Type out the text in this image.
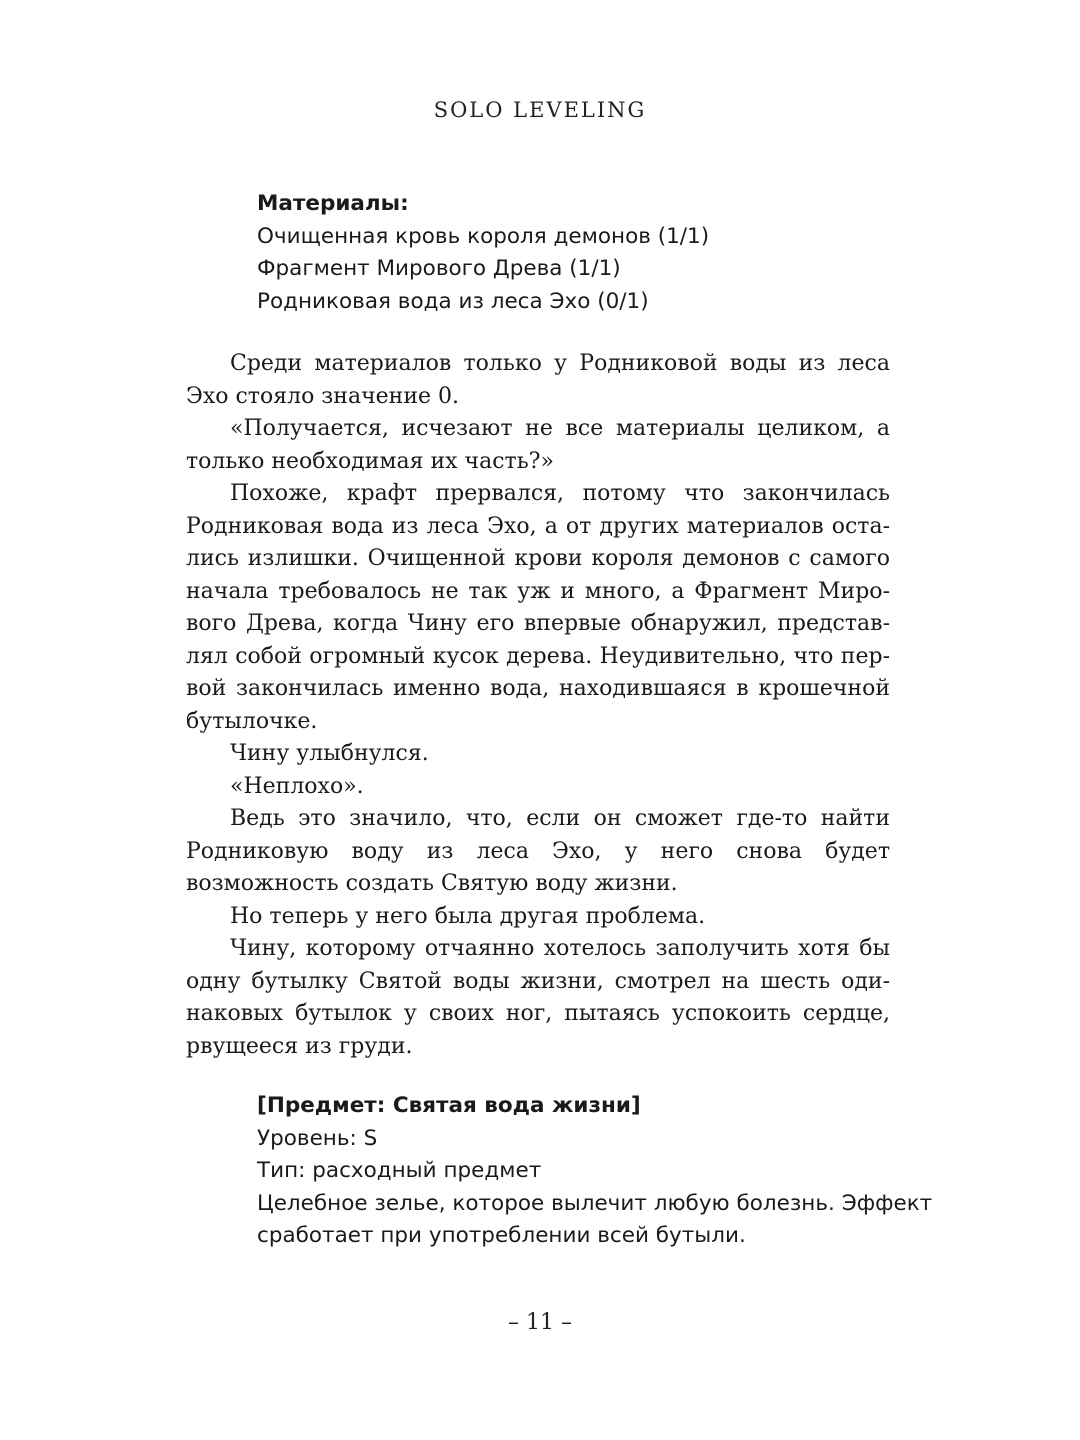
SOLO LEVELING
Материалы:
Очищенная кровь короля демонов (1/1)
Фрагмент Мирового Древа (1/1)
Родниковая вода из леса Эхо (0/1)

Среди материалов только у Родниковой воды из леса Эхо стояло значение 0.

«Получается, исчезают не все материалы целиком, а только необходимая их часть?»

Похоже, крафт прервался, потому что закончилась Родниковая вода из леса Эхо, а от других материалов остались излишки. Очищенной крови короля демонов с самого начала требовалось не так уж и много, а Фрагмент Мирового Древа, когда Чину его впервые обнаружил, представлял собой огромный кусок дерева. Неудивительно, что первой закончилась именно вода, находившаяся в крошечной бутылочке.

Чину улыбнулся.

«Неплохо».

Ведь это значило, что, если он сможет где-то найти Родниковую воду из леса Эхо, у него снова будет возможность создать Святую воду жизни.

Но теперь у него была другая проблема.

Чину, которому отчаянно хотелось заполучить хотя бы одну бутылку Святой воды жизни, смотрел на шесть одинаковых бутылок у своих ног, пытаясь успокоить сердце, рвущееся из груди.

[Предмет: Святая вода жизни]
Уровень: S
Тип: расходный предмет
Целебное зелье, которое вылечит любую болезнь. Эффект
сработает при употреблении всей бутыли.
– 11 –
